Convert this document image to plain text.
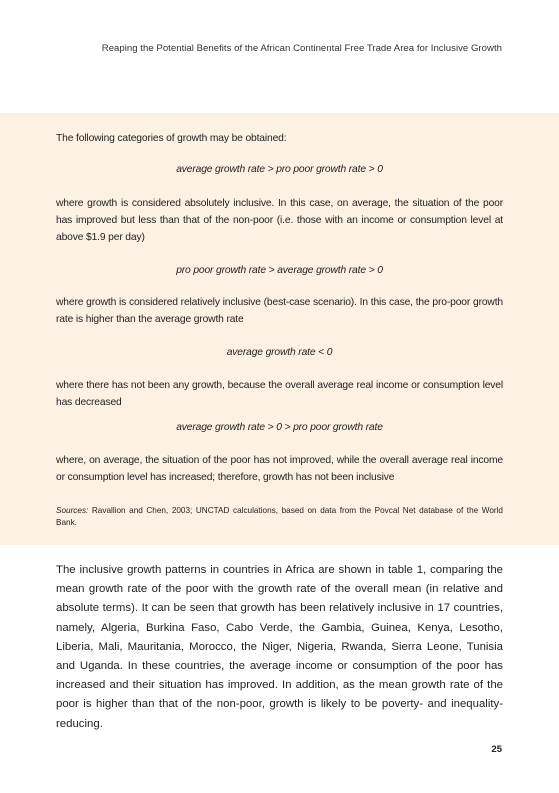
Reaping the Potential Benefits of the African Continental Free Trade Area for Inclusive Growth

The following categories of growth may be obtained:

average growth rate > pro poor growth rate > 0

where growth is considered absolutely inclusive. In this case, on average, the situation of the poor has improved but less than that of the non-poor (i.e. those with an income or consumption level at above $1.9 per day)

pro poor growth rate > average growth rate > 0

where growth is considered relatively inclusive (best-case scenario). In this case, the pro-poor growth rate is higher than the average growth rate

average growth rate < 0

where there has not been any growth, because the overall average real income or consumption level has decreased

average growth rate > 0 > pro poor growth rate

where, on average, the situation of the poor has not improved, while the overall average real income or consumption level has increased; therefore, growth has not been inclusive

Sources: Ravallion and Chen, 2003; UNCTAD calculations, based on data from the Povcal Net database of the World Bank.

The inclusive growth patterns in countries in Africa are shown in table 1, comparing the mean growth rate of the poor with the growth rate of the overall mean (in relative and absolute terms). It can be seen that growth has been relatively inclusive in 17 countries, namely, Algeria, Burkina Faso, Cabo Verde, the Gambia, Guinea, Kenya, Lesotho, Liberia, Mali, Mauritania, Morocco, the Niger, Nigeria, Rwanda, Sierra Leone, Tunisia and Uganda. In these countries, the average income or consumption of the poor has increased and their situation has improved. In addition, as the mean growth rate of the poor is higher than that of the non-poor, growth is likely to be poverty- and inequality-reducing.

25
